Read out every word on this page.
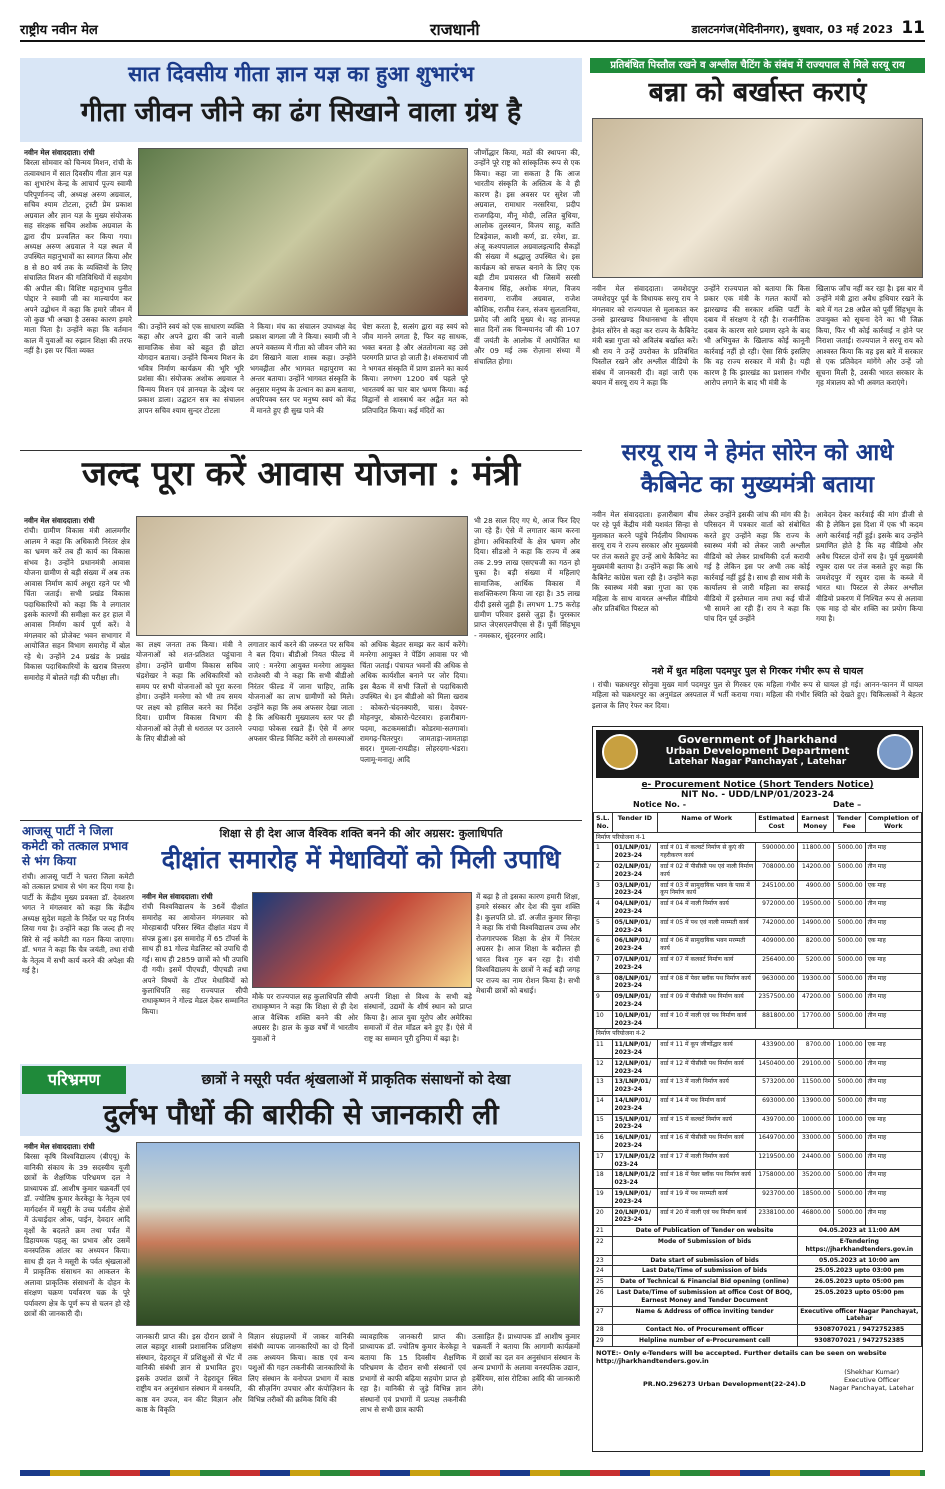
राष्ट्रीय नवीन मेल	राजधानी	डालटनगंज(मेदिनीनगर), बुधवार, 03 मई 2023 11
सात दिवसीय गीता ज्ञान यज्ञ का हुआ शुभारंभ
गीता जीवन जीने का ढंग सिखाने वाला ग्रंथ है
नवीन मेल संवाददाता। रांची
बिरला सोमवार को चिन्मय मिशन, रांची के तत्वावधान में सात दिवसीय गीता ज्ञान यज्ञ का शुभारंभ केन्द्र के आचार्य पूज्य स्वामी परिपूर्णानन्द जी, अध्यक्ष अरुण अग्रवाल, सचिव श्याम टोटला, ट्रस्टी प्रेम प्रकाश अग्रवाल और ज्ञान यज्ञ के मुख्य संयोजक सह संरक्षक सचिव अशोक अग्रवाल के द्वारा दीप प्रज्वलित कर किया गया। अध्यक्ष अरुण अग्रवाल ने यज्ञ स्थल में उपस्थित महानुभावों का स्वागत किया और 8 से 80 वर्ष तक के व्यक्तियों के लिए संचालित मिशन की गतिविधियों में सहयोग की अपील की। विशिष्ट महानुभाव पुनीत पोद्दार ने स्वामी जी का माल्यार्पण कर अपने उद्बोधन में कहा कि हमारे जीवन में जो कुछ भी अच्छा है उसका कारण हमारे माता पिता है। उन्होंने कहा कि वर्तमान काल में युवाओं का रुझान शिक्षा की तरफ नहीं है। इस पर चिंता व्यक्त
की। उन्होंने स्वयं को एक साधारण व्यक्ति कहा और अपने द्वारा की जाने वाली सामाजिक सेवा को बहुत ही छोटा योगदान बताया। उन्होंने चिन्मय मिशन के भवित्र निर्माण कार्यक्रम की भूरि भूरि प्रशंसा की। संयोजक अशोक अग्रवाल ने चिन्मय मिशन एवं ज्ञानयज्ञ के उद्देश्य पर प्रकाश डाला। उद्घाटन सत्र का संचालन ज्ञापन सचिव श्याम सुन्दर टोटला
ने किया। मंच का संचालन उपाध्यक्ष वेद प्रकाश बागला जी ने किया। स्वामी जी ने अपने वक्तव्य में गीता को जीवन जीने का ढंग सिखाने वाला शास्त्र कहा। उन्होंने भगवद्गीता और भागवत महापुराण का अन्तर बताया। उन्होंने भागवत संस्कृति के अनुसार मनुष्य के उत्थान का क्रम बताया, अपरिपक्व स्तर पर मनुष्य स्वयं को केंद्र में मानते हुए ही सुख पाने की
चेष्टा करता है, सत्संग द्वारा वह स्वयं को जीव मानने लगता है, फिर वह साधक, भक्त बनता है और अंततोगत्वा वह उसे परमगति प्राप्त हो जाती है। शंकराचार्य जी ने भगवत संस्कृति में प्राण डालने का कार्य किया। लगभग 1200 वर्ष पहले पूरे भारतवर्ष का चार बार भ्रमण किया। कई विद्वानों से शास्त्रार्थ कर अद्वैत मत को प्रतिपादित किया। कई मंदिरों का
जीर्णोद्धार किया, मठों की स्थापना की, उन्होंने पूरे राष्ट्र को सांस्कृतिक रूप से एक किया। कहा जा सकता है कि आज भारतीय संस्कृति के अस्तित्व के वे ही कारण है। इस अवसर पर सुरेश जी अग्रवाल, रामाधार नरसरिया, प्रदीप राजगढ़िया, मीनू मोदी, ललित बुधिया, आलोक तुलस्यान, विजय साहू, कांति टिबड़ेवाल, काशी कर्ण, डा. रमेश, डा. अंजू कश्यपालाल अग्रवालइत्यादि सैकड़ों की संख्या में श्रद्धालु उपस्थित थे। इस कार्यक्रम को सफल बनाने के लिए एक बड़ी टीम प्रयासरत थी जिसमें सरसी बैजनाथ सिंह, अशोक मंगल, विजय सरावगा, राजीव अग्रवाल, राजेश कौशिक, राजीव रंजन, संजय सुलतानिया, प्रमोद जी आदि मुख्य थे। यह ज्ञानयज्ञ सात दिनों तक चिन्मयानंद जी की 107 वीं जयंती के आलोक में आयोजित था और 09 मई तक रोज़ाना संध्या में संचालित होगा।
प्रतिबंधित पिस्तौल रखने व अश्लील चैटिंग के संबंध में राज्यपाल से मिले सरयू राय
बन्ना को बर्खास्त कराएं
नवीन मेल संवाददाता। जमशेदपुर जमशेदपुर पूर्व के विधायक सरयू राय ने मंगलवार को राज्यपाल से मुलाकात कर उनसे झारखण्ड विधानसभा के सीएम हेमंत सोरेन से कहा कर राज्य के कैबिनेट मंत्री बन्ना गुप्ता को अविलंब बर्खास्त करें। श्री राय ने उन्हें उपरोक्त के प्रतिबंधित पिस्तौल रखने और अश्लील वीडियो के संबंध में जानकारी दी। वहां जारी एक बयान में सरयू राय ने कहा कि
उन्होंने राज्यपाल को बताया कि किस प्रकार एक मंत्री के गलत कार्यों को झारखण्ड की सरकार शक्ति पार्टी के दबाव में संरक्षण दे रही है। राजनीतिक दबाव के कारण सारे प्रमाण रहने के बाद भी अभियुक्त के खिलाफ कोई कानूनी कार्रवाई नहीं हो रही। ऐसा सिर्फ इसलिए कि वह राज्य सरकार में मंत्री है। यही कारण है कि झारखंड का प्रशासन गंभीर आरोप लगाने के बाद भी मंत्री के
खिलाफ जाँच नहीं कर रहा है। इस बार में उन्होंने मंत्री द्वारा अवैध हथियार रखने के बारे में गत 28 अप्रैल को पूर्वी सिंहभूम के उपायुक्त को सूचना देने का भी जिक्र किया, फिर भी कोई कार्रवाई न होने पर निराशा जताई। राज्यपाल ने सरयू राय को आश्वस्त किया कि वह इस बारे में सरकार से एक प्रतिवेदन मांगेंगे और उन्हें जो सूचना मिली है, उसकी भारत सरकार के गृह मंत्रालय को भी अवगत कराएंगे।
सरयू राय ने हेमंत सोरेन को आधे
कैबिनेट का मुख्यमंत्री बताया
नवीन मेल संवाददाता। हजारीबाग बीच पर रहे पूर्व केंद्रीय मंत्री यशवंत सिन्हा से मुलाकात करने पहुंचे निर्दलीय विधायक सरयू राय ने राज्य सरकार और मुख्यमंत्री पर तंज कसते हुए उन्हें आधे कैबिनेट का मुख्यमंत्री बताया है। उन्होंने कहा कि आधे कैबिनेट कांग्रेस चला रही है। उन्होंने कहा कि स्वास्थ्य मंत्री बन्ना गुप्ता का एक महिला के साथ वायरल अश्लील वीडियो और प्रतिबंधित पिस्टल को
लेकर उन्होंने इसकी जांच की मांग की है। परिसदन में पत्रकार वार्ता को संबोधित करते हुए उन्होंने कहा कि राज्य के स्वास्थ्य मंत्री को लेकर जारी अश्लील वीडियो को लेकर प्राथमिकी दर्ज करायी गई है लेकिन इस पर अभी तक कोई कार्रवाई नहीं हुई है। साथ ही साथ मंत्री के कार्यालय से जारी महिला का सफाई वीडियो में इस्तेमाल नाम तथा कई चीजें भी सामने आ रही हैं। राय ने कहा कि पांच दिन पूर्व उन्होंने
आवेदन देकर कार्रवाई की मांग डीजी से की है लेकिन इस दिशा में एक भी कदम आगे कार्रवाई नहीं हुई। इसके बाद उन्होंने प्रमाणित होते है कि वह वीडियो और अवैध पिस्टल दोनों सच है। पूर्व मुख्यमंत्री रघुवर दास पर तंज कसते हुए कहा कि जमशेदपुर में रघुवर दास के कब्जे में भारत था। पिस्टल से लेकर अश्लील वीडियो प्रकरण में निश्चित रूप से अलावा एक माह दो बोर शक्ति का प्रयोग किया गया है।
नशे में धुत महिला पदमपुर पुल से गिरकर गंभीर रूप से घायल
। रांची। चक्रधरपुर सोनुवा मुख्य मार्ग पदमपुर पुल से गिरकर एक महिला गंभीर रूप से घायल हो गई। आनन-फानन में घायल महिला को चक्रधरपुर का अनुमंडल अस्पताल में भर्ती कराया गया। महिला की गंभीर स्थिति को देखते हुए। चिकित्सकों ने बेहतर इलाज के लिए रेफर कर दिया।
Government of Jharkhand
Urban Development Department
Latehar Nagar Panchayat , Latehar
e- Procurement Notice (Short Tenders Notice)
NIT No. - UDD/LNP/01/2023-24
Notice No. -	Date –
S.L. No.	Tender ID	Name of Work	Estimated Cost	Earnest Money	Tender Fee	Completion of Work
निर्माण परियोजना नं-1						
1	01/LNP/01/ 2023-24	वार्ड नं 01 में कल्वर्ट निर्माण से कुएं की गहरीकरण कार्य	590000.00	11800.00	5000.00	तीन माह
2	02/LNP/01/ 2023-24	वार्ड नं 02 में पीसीसी पथ एवं नाली निर्माण कार्य	708000.00	14200.00	5000.00	तीन माह
3	03/LNP/01/ 2023-24	वार्ड नं 03 में सामुदायिक भवन के पास में कूप निर्माण कार्य	245100.00	4900.00	5000.00	एक माह
4	04/LNP/01/ 2023-24	वार्ड नं 04 में नाली निर्माण कार्य	972000.00	19500.00	5000.00	तीन माह
5	05/LNP/01/ 2023-24	वार्ड नं 05 में पथ एवं नाली मरम्मती कार्य	742000.00	14900.00	5000.00	तीन माह
6	06/LNP/01/ 2023-24	वार्ड नं 06 में सामुदायिक भवन मरम्मती कार्य	409000.00	8200.00	5000.00	एक माह
7	07/LNP/01/ 2023-24	वार्ड नं 07 में कलवर्ट निर्माण कार्य	256400.00	5200.00	5000.00	एक माह
8	08/LNP/01/ 2023-24	वार्ड नं 08 में पेवर ब्लॉक पथ निर्माण कार्य	963000.00	19300.00	5000.00	तीन माह
9	09/LNP/01/ 2023-24	वार्ड नं 09 में पीसीसी पथ निर्माण कार्य	2357500.00	47200.00	5000.00	तीन माह
10	10/LNP/01/ 2023-24	वार्ड नं 10 में नाली एवं पथ निर्माण कार्य	881800.00	17700.00	5000.00	तीन माह
निर्माण परियोजना नं-2						
11	11/LNP/01/ 2023-24	वार्ड नं 11 में कूप जीर्णोद्धार कार्य	433900.00	8700.00	1000.00	एक माह
12	12/LNP/01/ 2023-24	वार्ड नं 12 में पीसीसी पथ निर्माण कार्य	1450400.00	29100.00	5000.00	तीन माह
13	13/LNP/01/ 2023-24	वार्ड नं 13 में नाली निर्माण कार्य	573200.00	11500.00	5000.00	तीन माह
14	14/LNP/01/ 2023-24	वार्ड नं 14 में पथ निर्माण कार्य	693000.00	13900.00	5000.00	तीन माह
15	15/LNP/01/ 2023-24	वार्ड नं 15 में कल्वर्ट निर्माण कार्य	439700.00	10000.00	1000.00	एक माह
16	16/LNP/01/ 2023-24	वार्ड नं 16 में पीसीसी पथ निर्माण कार्य	1649700.00	33000.00	5000.00	तीन माह
17	17/LNP/01/2 023-24	वार्ड नं 17 में नाली निर्माण कार्य	1219500.00	24400.00	5000.00	तीन माह
18	18/LNP/01/2 023-24	वार्ड नं 18 में पेवर ब्लॉक पथ निर्माण कार्य	1758000.00	35200.00	5000.00	तीन माह
19	19/LNP/01/ 2023-24	वार्ड नं 19 में पथ मरम्मती कार्य	923700.00	18500.00	5000.00	तीन माह
20	20/LNP/01/ 2023-24	वार्ड नं 20 में नाली एवं पथ निर्माण कार्य	2338100.00	46800.00	5000.00	तीन माह
21	Date of Publication of Tender on website			04.05.2023 at 11:00 AM		
22	Mode of Submission of bids			E-Tendering https://jharkhandtenders.gov.in		
23	Date start of submission of bids			05.05.2023 at 10:00 am		
24	Last Date/Time of submission of bids			25.05.2023 upto 03:00 pm		
25	Date of Technical & Financial Bid opening (online)			26.05.2023 upto 05:00 pm		
26	Last Date/Time of submission at office Cost Of BOQ, Earnest Money and Tender Document			25.05.2023 upto 05:00 pm		
27	Name & Address of office inviting tender			Executive officer Nagar Panchayat, Latehar		
28	Contact No. of Procurement officer			9308707021 / 9472752385		
29	Helpline number of e-Procurement cell			9308707021 / 9472752385		
NOTE:- Only e-Tenders will be accepted. Further details can be seen on website http://jharkhandtenders.gov.in
(Shekhar Kumar)
Executive Officer
Nagar Panchayat, Latehar
PR.NO.296273 Urban Development(22-24).D
जल्द पूरा करें आवास योजना : मंत्री
नवीन मेल संवाददाता। रांची
रांची। ग्रामीण विकास मंत्री आलमगीर आलम ने कहा कि अधिकारी निरंतर क्षेत्र का भ्रमण करें तब ही कार्य का विकास संभव है। उन्होंने प्रधानमंत्री आवास योजना ग्रामीण से बड़ी संख्या में अब तक आवास निर्माण कार्य अधूरा रहने पर भी चिंता जताई। सभी प्रखंड विकास पदाधिकारियों को कहा कि वे लगातार इसके कारणों की समीक्षा कर हर हाल में आवास निर्माण कार्य पूर्ण करें। वे मंगलवार को प्रोजेक्ट भवन सभागार में आयोजित सहन विभाग समारोह में बोल रहे थे। उन्होंने 24 प्रखंड के प्रखंड विकास पदाधिकारियों के खराब वित्तरण समारोह में बोलते गड़ी की परीक्षा ली।
का लक्ष्य जनता तक किया। मंत्री ने योजनाओं को शत-प्रतिशत पहुंचाना होगा। उन्होंने ग्रामीण विकास सचिव चंद्रशेखर ने कहा कि अधिकारियों को समय पर सभी योजनाओं को पूरा करना होगा। उन्होंने मनरेगा को भी तय समय पर लक्ष्य को हासिल करने का निर्देश दिया। ग्रामीण विकास विभाग की योजनाओं को तेज़ी से धरातल पर उतारने के लिए बीडीओ को
लगातार कार्य करने की जरूरत पर सचिव ने बल दिया। बीडीओ नियत फील्ड में जाएं : मनरेगा आयुक्त मनरेगा आयुक्त राजेश्वरी बी ने कहा कि सभी बीडीओ निरंतर फील्ड में जाना चाहिए, ताकि योजनाओं का लाभ ग्रामीणों को मिले। उन्होंने कहा कि अब अफसर देखा जाता है कि अधिकारी मुख्यालय स्तर पर ही ज्यादा फोकस रखते हैं। ऐसे में अगर अफसर फील्ड विजिट करेंगे तो समस्याओं
को अधिक बेहतर समझ कर कार्य करेंगे। मनरेगा आयुक्त ने पेंडिंग आवास पर भी चिंता जताई। पंचायत भवनों की अधिक से अधिक कार्यशील बनाने पर जोर दिया। इस बैठक में सभी जिलों से पदाधिकारी उपस्थित थे। इन बीडीओ को मिला खराब : कोकरो-चंदनक्यारी, चास। देवघर-मोहनपुर, बोकारो-पेटरवार। हजारीबाग-पदमा, कटकमसांडी। कोडरमा-सतगावां। रामगढ़-चितरपुर। जामताड़ा-जामताड़ा सदर। गुमला-रायडीह। लोहरदगा-भंडरा। पलामू-मनातू। आदि
भी 28 साल दिए गए थे, आज फिर दिए जा रहे हैं। ऐसे में लगातार काम करना होगा। अधिकारियों के क्षेत्र भ्रमण और दिया। सीडओ ने कहा कि राज्य में अब तक 2.99 लाख एसएचजी का गठन हो चुका है। बड़ी संख्या में महिलाएं सामाजिक, आर्थिक विकास में सशक्तिकरण किया जा रहा है। 35 लाख दीदी इससे जुड़ी हैं। लगभग 1.75 करोड़ ग्रामीण परिवार इससे जुड़ा हैं। पुरस्कार प्राप्त जेएसएलपीएस से हैं। पूर्वी सिंहभूम - नमस्कार, सुंदरनगर आदि।
आजसू पार्टी ने जिला कमेटी को तत्काल प्रभाव से भंग किया
रांची। आजसू पार्टी ने चतरा जिला कमेटी को तत्काल प्रभाव से भंग कर दिया गया है। पार्टी के केंद्रीय मुख्य प्रवक्ता डॉ. देवशरण भगत ने मंगलवार को कहा कि केंद्रीय अध्यक्ष सुदेश महतो के निर्देश पर यह निर्णय लिया गया है। उन्होंने कहा कि जल्द ही नए सिरे से नई कमेटी का गठन किया जाएगा। डॉ. भगत ने कहा कि चैत्र जयंती, तथा रांची के नेतृत्व में सभी कार्य करने की अपेक्षा की गई है।
शिक्षा से ही देश आज वैश्विक शक्ति बनने की ओर अग्रसर: कुलाधिपति
दीक्षांत समारोह में मेधावियों को मिली उपाधि
नवीन मेल संवाददाता। रांची
रांची विश्वविद्यालय के 36वें दीक्षांत समारोह का आयोजन मंगलवार को मोरहाबादी परिसर स्थित दीक्षांत मंडप में संपन्न हुआ। इस समारोह में 65 टॉपर्स के साथ ही 81 गोल्ड मेडलिस्ट को उपाधि दी गई। साथ ही 2859 छात्रों को भी उपाधि दी गयी। इसमें पीएचडी, पीएचडी तथा अपने विषयों के टॉपर मेधावियों को कुलाधिपति सह राज्यपाल सीपी राधाकृष्णन ने गोल्ड मेडल देकर सम्मानित किया।
मौके पर राज्यपाल सह कुलाधिपति सीपी राधाकृष्णन ने कहा कि शिक्षा से ही देश आज वैश्विक शक्ति बनने की ओर अग्रसर है। हाल के कुछ वर्षों में भारतीय युवाओं ने
अपनी शिक्षा से विश्व के सभी बड़े संस्थानों, उद्यमों के शीर्ष स्थान को प्राप्त किया है। आज युवा यूरोप और अमेरिका समाजों में रोल मॉडल बने हुए हैं। ऐसे में राष्ट्र का सम्मान पूरी दुनिया में बढ़ा है।
में बढ़ा है तो इसका कारण हमारी शिक्षा, हमारे संस्कार और देश की युवा शक्ति है। कुलपति प्रो. डॉ. अजीत कुमार सिन्हा ने कहा कि रांची विश्वविद्यालय उच्च और रोजगारपरक शिक्षा के क्षेत्र में निरंतर अग्रसर है। आज शिक्षा के बदौलत ही भारत विश्व गुरु बन रहा है। रांची विश्वविद्यालय के छात्रों ने कई बड़ी जगह पर राज्य का नाम रोशन किया है। सभी मेधावी छात्रों को बधाई।
परिभ्रमण	छात्रों ने मसूरी पर्वत श्रृंखलाओं में प्राकृतिक संसाधनों को देखा
दुर्लभ पौधों की बारीकी से जानकारी ली
नवीन मेल संवाददाता। रांची
बिरसा कृषि विश्वविद्यालय (बीएयू) के वानिकी संकाय के 39 सदस्यीय यूजी छात्रों के शैक्षणिक परिभ्रमण दल ने प्राध्यापक डॉ. आशीष कुमार चक्रवर्ती एवं डॉ. ज्योतिष कुमार केरकेट्टा के नेतृत्व एवं मार्गदर्शन में मसूरी के उच्च पर्वतीय क्षेत्रों में ऊंचाईदार ओक, पाईन, देवदार आदि वृक्षों के बदलते क्रम तथा पर्वत में डिहायमक पहलू का प्रभाव और उसमें वनस्पतिक आंतर का अध्ययन किया। साथ ही दल ने मसूरी के पर्वत श्रृंखलाओं में प्राकृतिक संसाधन का आकलन के अलावा प्राकृतिक संसाधनों के दोहन के संरक्षण चक्रण पर्यावरण चक्र के पूरे पर्यावरण क्षेत्र के पूर्ण रूप से चलन हो रहे छात्रों की जानकारी दी।
जानकारी प्राप्त की। इस दौरान छात्रों ने लाल बहादुर शास्त्री प्रशासनिक प्रशिक्षण संस्थान, देहरादून में प्रशिक्षुओं से भेंट में वानिकी संबंधी ज्ञान से प्रभावित हुए। इसके उपरांत छात्रों ने देहरादून स्थित राष्ट्रीय वन अनुसंधान संस्थान में वनस्पति, काष्ठ वन उपज, वन कीट विज्ञान और काष्ठ के विकृति
विज्ञान संग्रहालयों में जाकर वानिकी संबंधी व्यापक जानकारियों का दो दिनों तक अध्ययन किया। काष्ठ एवं वन्य पशुओं की गहन तकनीकी जानकारियों के लिए संस्थान के वनोपज प्रभाग में काष्ठ की सीज़निंग उपचार और कंपोज़िशन के विभिन्न तरीकों की क्रमिक विधि की
व्यावहारिक जानकारी प्राप्त की। प्राध्यापक डॉ. ज्योतिष कुमार केरकेट्टा ने बताया कि 15 दिवसीय शैक्षणिक परिभ्रमण के दौरान सभी संस्थानों एवं प्रभागों से काफी बढ़िया सहयोग प्राप्त हो रहा है। वानिकी से जुड़े विभिन्न ज्ञान संस्थानों एवं प्रभागों में प्रत्यक्ष तकनीकी लाभ से सभी छात्र काफी
उत्साहित हैं। प्राध्यापक डॉ आशीष कुमार चक्रवर्ती ने बताया कि आगामी कार्यक्रमों में छात्रों का दल वन अनुसंधान संस्थान के अन्य प्रभागों के अलावा वनस्पतिक उद्यान, हर्बेरियम, सांस रोटिका आदि की जानकारी लेंगे।
